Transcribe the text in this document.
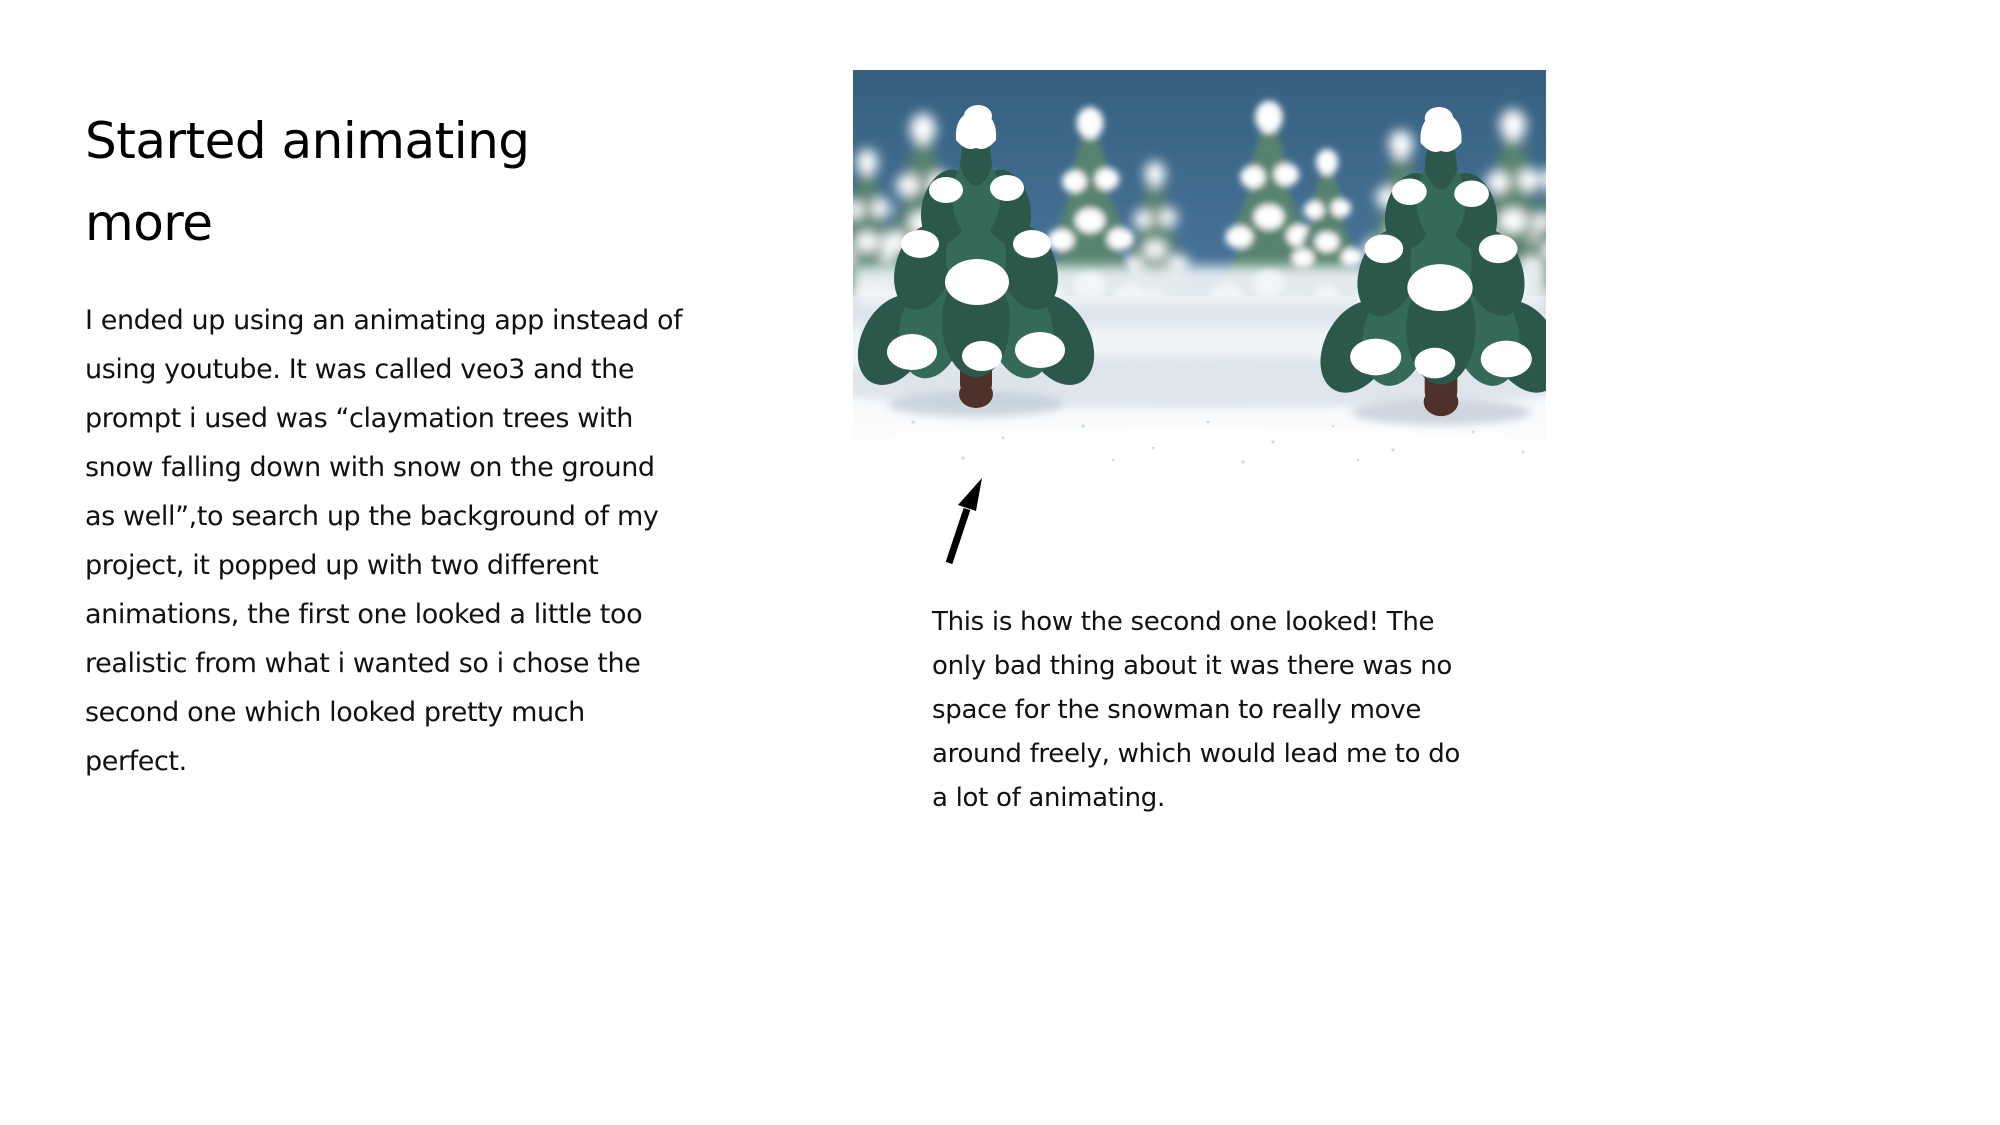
Started animating
more
I ended up using an animating app instead of
using youtube. It was called veo3 and the
prompt i used was “claymation trees with
snow falling down with snow on the ground
as well”,to search up the background of my
project, it popped up with two different
animations, the first one looked a little too
realistic from what i wanted so i chose the
second one which looked pretty much
perfect.
This is how the second one looked! The
only bad thing about it was there was no
space for the snowman to really move
around freely, which would lead me to do
a lot of animating.
